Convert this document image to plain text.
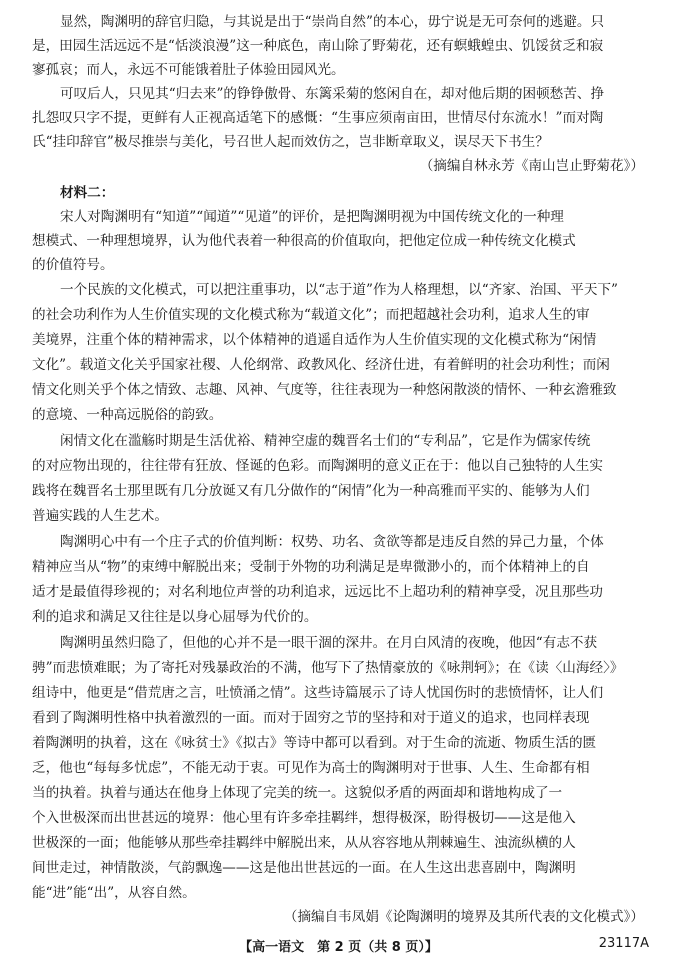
显然，陶渊明的辞官归隐，与其说是出于“崇尚自然”的本心，毋宁说是无可奈何的逃避。只
是，田园生活远远不是“恬淡浪漫”这一种底色，南山除了野菊花，还有螟蛾蝗虫、饥馁贫乏和寂
寥孤哀；而人，永远不可能饿着肚子体验田园风光。
可叹后人，只见其“归去来”的铮铮傲骨、东篱采菊的悠闲自在，却对他后期的困顿愁苦、挣
扎怨叹只字不提，更鲜有人正视高适笔下的感慨：“生事应须南亩田，世情尽付东流水！”而对陶
氏“挂印辞官”极尽推崇与美化，号召世人起而效仿之，岂非断章取义，误尽天下书生？
（摘编自林永芳《南山岂止野菊花》）
材料二：
宋人对陶渊明有“知道”“闻道”“见道”的评价，是把陶渊明视为中国传统文化的一种理
想模式、一种理想境界，认为他代表着一种很高的价值取向，把他定位成一种传统文化模式
的价值符号。
一个民族的文化模式，可以把注重事功，以“志于道”作为人格理想，以“齐家、治国、平天下”
的社会功利作为人生价值实现的文化模式称为“载道文化”；而把超越社会功利，追求人生的审
美境界，注重个体的精神需求，以个体精神的逍遥自适作为人生价值实现的文化模式称为“闲情
文化”。载道文化关乎国家社稷、人伦纲常、政教风化、经济仕进，有着鲜明的社会功利性；而闲
情文化则关乎个体之情致、志趣、风神、气度等，往往表现为一种悠闲散淡的情怀、一种玄澹雅致
的意境、一种高远脱俗的韵致。
闲情文化在滥觞时期是生活优裕、精神空虚的魏晋名士们的“专利品”，它是作为儒家传统
的对应物出现的，往往带有狂放、怪诞的色彩。而陶渊明的意义正在于：他以自己独特的人生实
践将在魏晋名士那里既有几分放诞又有几分做作的“闲情”化为一种高雅而平实的、能够为人们
普遍实践的人生艺术。
陶渊明心中有一个庄子式的价值判断：权势、功名、贪欲等都是违反自然的异己力量，个体
精神应当从“物”的束缚中解脱出来；受制于外物的功利满足是卑微渺小的，而个体精神上的自
适才是最值得珍视的；对名利地位声誉的功利追求，远远比不上超功利的精神享受，况且那些功
利的追求和满足又往往是以身心屈辱为代价的。
陶渊明虽然归隐了，但他的心并不是一眼干涸的深井。在月白风清的夜晚，他因“有志不获
骋”而悲愤难眠；为了寄托对残暴政治的不满，他写下了热情豪放的《咏荆轲》；在《读〈山海经〉》
组诗中，他更是“借荒唐之言，吐愤涌之情”。这些诗篇展示了诗人忧国伤时的悲愤情怀，让人们
看到了陶渊明性格中执着激烈的一面。而对于固穷之节的坚持和对于道义的追求，也同样表现
着陶渊明的执着，这在《咏贫士》《拟古》等诗中都可以看到。对于生命的流逝、物质生活的匮
乏，他也“每每多忧虑”，不能无动于衷。可见作为高士的陶渊明对于世事、人生、生命都有相
当的执着。执着与通达在他身上体现了完美的统一。这貌似矛盾的两面却和谐地构成了一
个入世极深而出世甚远的境界：他心里有许多牵挂羁绊，想得极深，盼得极切——这是他入
世极深的一面；他能够从那些牵挂羁绊中解脱出来，从从容容地从荆棘遍生、浊流纵横的人
间世走过，神情散淡，气韵飘逸——这是他出世甚远的一面。在人生这出悲喜剧中，陶渊明
能“进”能“出”，从容自然。
（摘编自韦凤娟《论陶渊明的境界及其所代表的文化模式》）
【高一语文　第 2 页（共 8 页）】	23117A
